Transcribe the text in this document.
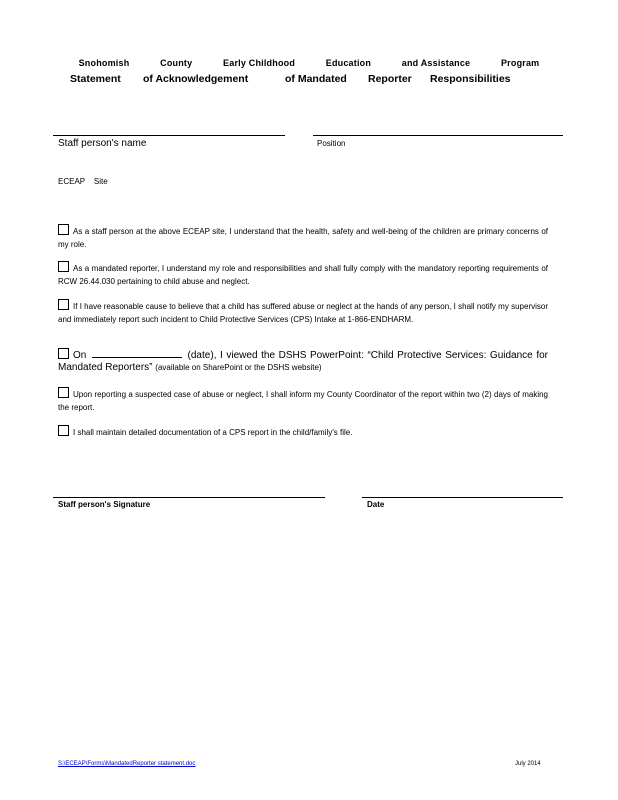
Snohomish	County	Early Childhood	Education	and Assistance	Program
Statement of Acknowledgement	of Mandated Reporter Responsibilities
Staff person's name	Position
ECEAP    Site
As a staff person at the above ECEAP site, I understand that the health, safety and well-being of the children are primary concerns of my role.
As a mandated reporter, I understand my role and responsibilities and shall fully comply with the mandatory reporting requirements of RCW 26.44.030 pertaining to child abuse and neglect.
If I have reasonable cause to believe that a child has suffered abuse or neglect at the hands of any person, I shall notify my supervisor and immediately report such incident to Child Protective Services (CPS) Intake at 1-866-ENDHARM.
On	(date), I viewed the DSHS PowerPoint: “Child Protective Services: Guidance for Mandated Reporters” (available on SharePoint or the DSHS website)
Upon reporting a suspected case of abuse or neglect, I shall inform my County Coordinator of the report within two (2) days of making the report.
I shall maintain detailed documentation of a CPS report in the child/family's file.
Staff person's Signature	Date
S:\ECEAP\Forms\MandatedReporter statement.doc	July 2014
